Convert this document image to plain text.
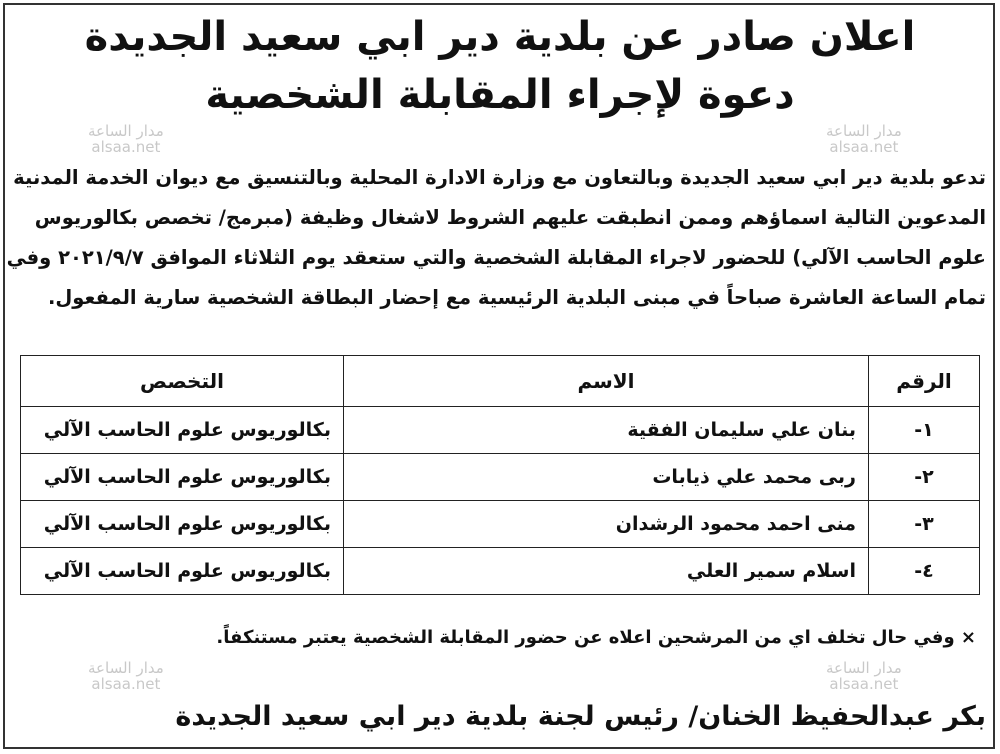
اعلان صادر عن بلدية دير ابي سعيد الجديدة
دعوة لإجراء المقابلة الشخصية
مدار الساعة
alsaa.net
مدار الساعة
alsaa.net
مدار الساعة
alsaa.net
مدار الساعة
alsaa.net
تدعو بلدية دير ابي سعيد الجديدة وبالتعاون مع وزارة الادارة المحلية وبالتنسيق مع ديوان الخدمة المدنية
المدعوين التالية اسماؤهم وممن انطبقت عليهم الشروط لاشغال وظيفة (مبرمج/ تخصص بكالوريوس
علوم الحاسب الآلي) للحضور لاجراء المقابلة الشخصية والتي ستعقد يوم الثلاثاء الموافق ٢٠٢١/٩/٧ وفي
تمام الساعة العاشرة صباحاً في مبنى البلدية الرئيسية مع إحضار البطاقة الشخصية سارية المفعول.
الرقم	الاسم	التخصص
١-	بنان علي سليمان الفقية	بكالوريوس علوم الحاسب الآلي
٢-	ربى محمد علي ذيابات	بكالوريوس علوم الحاسب الآلي
٣-	منى احمد محمود الرشدان	بكالوريوس علوم الحاسب الآلي
٤-	اسلام سمير العلي	بكالوريوس علوم الحاسب الآلي
× وفي حال تخلف اي من المرشحين اعلاه عن حضور المقابلة الشخصية يعتبر مستنكفاً.
بكر عبدالحفيظ الخنان/ رئيس لجنة بلدية دير ابي سعيد الجديدة
